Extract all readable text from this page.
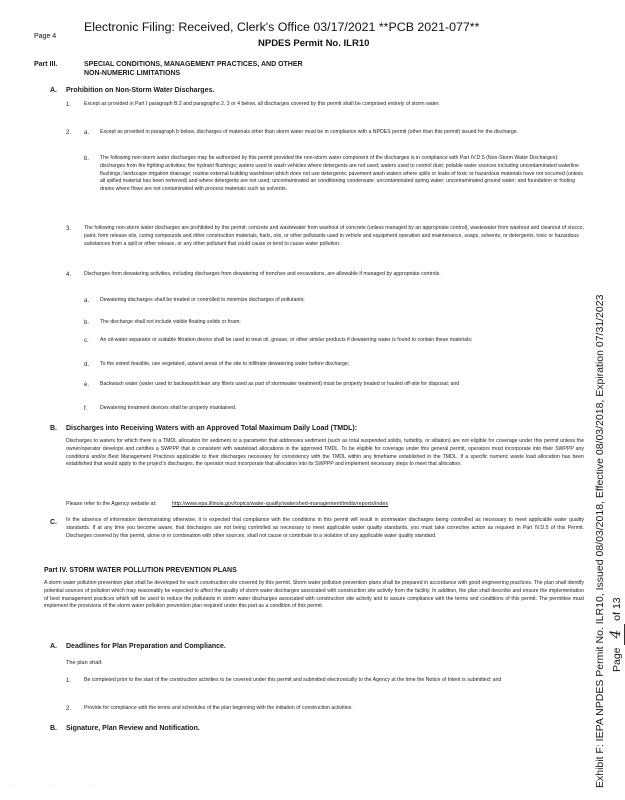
Page 4
Electronic Filing: Received, Clerk's Office 03/17/2021 **PCB 2021-077**
NPDES Permit No. ILR10
Part III.	SPECIAL CONDITIONS, MANAGEMENT PRACTICES, AND OTHER
NON-NUMERIC LIMITATIONS
A. Prohibition on Non-Storm Water Discharges.
1. Except as provided in Part I paragraph B.2 and paragraphs 2, 3 or 4 below, all discharges covered by this permit shall be comprised entirely of storm water.
2. a. Except as provided in paragraph b below, discharges of materials other than storm water must be in compliance with a NPDES permit (other than this permit) issued for the discharge.
b. The following non-storm water discharges may be authorized by this permit provided the non-storm water component of the discharges is in compliance with Part IV.D.5 (Non-Storm Water Discharges): discharges from fire fighting activities; fire hydrant flushings; waters used to wash vehicles where detergents are not used; waters used to control dust; potable water sources including uncontaminated waterline flushings; landscape irrigation drainage; routine external building washdown which does not use detergents; pavement wash waters where spills or leaks of toxic or hazardous materials have not occurred (unless all spilled material has been removed) and where detergents are not used; uncontaminated air conditioning condensate; uncontaminated spring water; uncontaminated ground water; and foundation or footing drains where flows are not contaminated with process materials such as solvents.
3. The following non-storm water discharges are prohibited by this permit: concrete and wastewater from washout of concrete (unless managed by an appropriate control), wastewater from washout and cleanout of stucco, paint, form release oils, curing compounds and other construction materials, fuels, oils, or other pollutants used in vehicle and equipment operation and maintenance, soaps, solvents, or detergents, toxic or hazardous substances from a spill or other release, or any other pollutant that could cause or tend to cause water pollution.
4. Discharges from dewatering activities, including discharges from dewatering of trenches and excavations, are allowable if managed by appropriate controls.
a. Dewatering discharges shall be treated or controlled to minimize discharges of pollutants;
b. The discharge shall not include visible floating solids or foam;
c. An oil-water separator or suitable filtration device shall be used to treat oil, grease, or other similar products if dewatering water is found to contain these materials;
d. To the extent feasible, use vegetated, upland areas of the site to infiltrate dewatering water before discharge;
e. Backwash water (water used to backwash/clean any filters used as part of stormwater treatment) must be properly treated or hauled off-site for disposal; and
f. Dewatering treatment devices shall be properly maintained.
B. Discharges into Receiving Waters with an Approved Total Maximum Daily Load (TMDL):
Discharges to waters for which there is a TMDL allocation for sediment or a parameter that addresses sediment (such as total suspended solids, turbidity, or siltation) are not eligible for coverage under this permit unless the owner/operator develops and certifies a SWPPP that is consistent with wasteload allocations in the approved TMDL. To be eligible for coverage under this general permit, operators must incorporate into their SWPPP any conditions and/or Best Management Practices applicable to their discharges necessary for consistency with the TMDL within any timeframe established in the TMDL. If a specific numeric waste load allocation has been established that would apply to the project's discharges, the operator must incorporate that allocation into its SWPPP and implement necessary steps to meet that allocation.
Please refer to the Agency website at:	http://www.epa.illinois.gov/topics/water-quality/watershed-management/tmdls/reports/index
C. In the absence of information demonstrating otherwise, it is expected that compliance with the conditions in this permit will result in stormwater discharges being controlled as necessary to meet applicable water quality standards. If at any time you become aware, that discharges are not being controlled as necessary to meet applicable water quality standards, you must take corrective action as required in Part IV.D.5 of this Permit. Discharges covered by this permit, alone or in combination with other sources, shall not cause or contribute to a violation of any applicable water quality standard.
Part IV. STORM WATER POLLUTION PREVENTION PLANS
A storm water pollution prevention plan shall be developed for each construction site covered by this permit. Storm water pollution prevention plans shall be prepared in accordance with good engineering practices. The plan shall identify potential sources of pollution which may reasonably be expected to affect the quality of storm water discharges associated with construction site activity from the facility. In addition, the plan shall describe and ensure the implementation of best management practices which will be used to reduce the pollutants in storm water discharges associated with construction site activity and to assure compliance with the terms and conditions of this permit. The permittee must implement the provisions of the storm water pollution prevention plan required under this part as a condition of this permit.
A. Deadlines for Plan Preparation and Compliance.
The plan shall:
1. Be completed prior to the start of the construction activities to be covered under this permit and submitted electronically to the Agency at the time the Notice of Intent is submitted; and
2. Provide for compliance with the terms and schedules of the plan beginning with the initiation of construction activities.
B. Signature, Plan Review and Notification.	Exhibit F: IEPA NPDES Permit No. ILR10, Issued 08/03/2018, Effective 08/03/2018, Expiration 07/31/2023 Page 4 of 13
· · · · · · · · · · · · · · · · · · · · · · · · ·
